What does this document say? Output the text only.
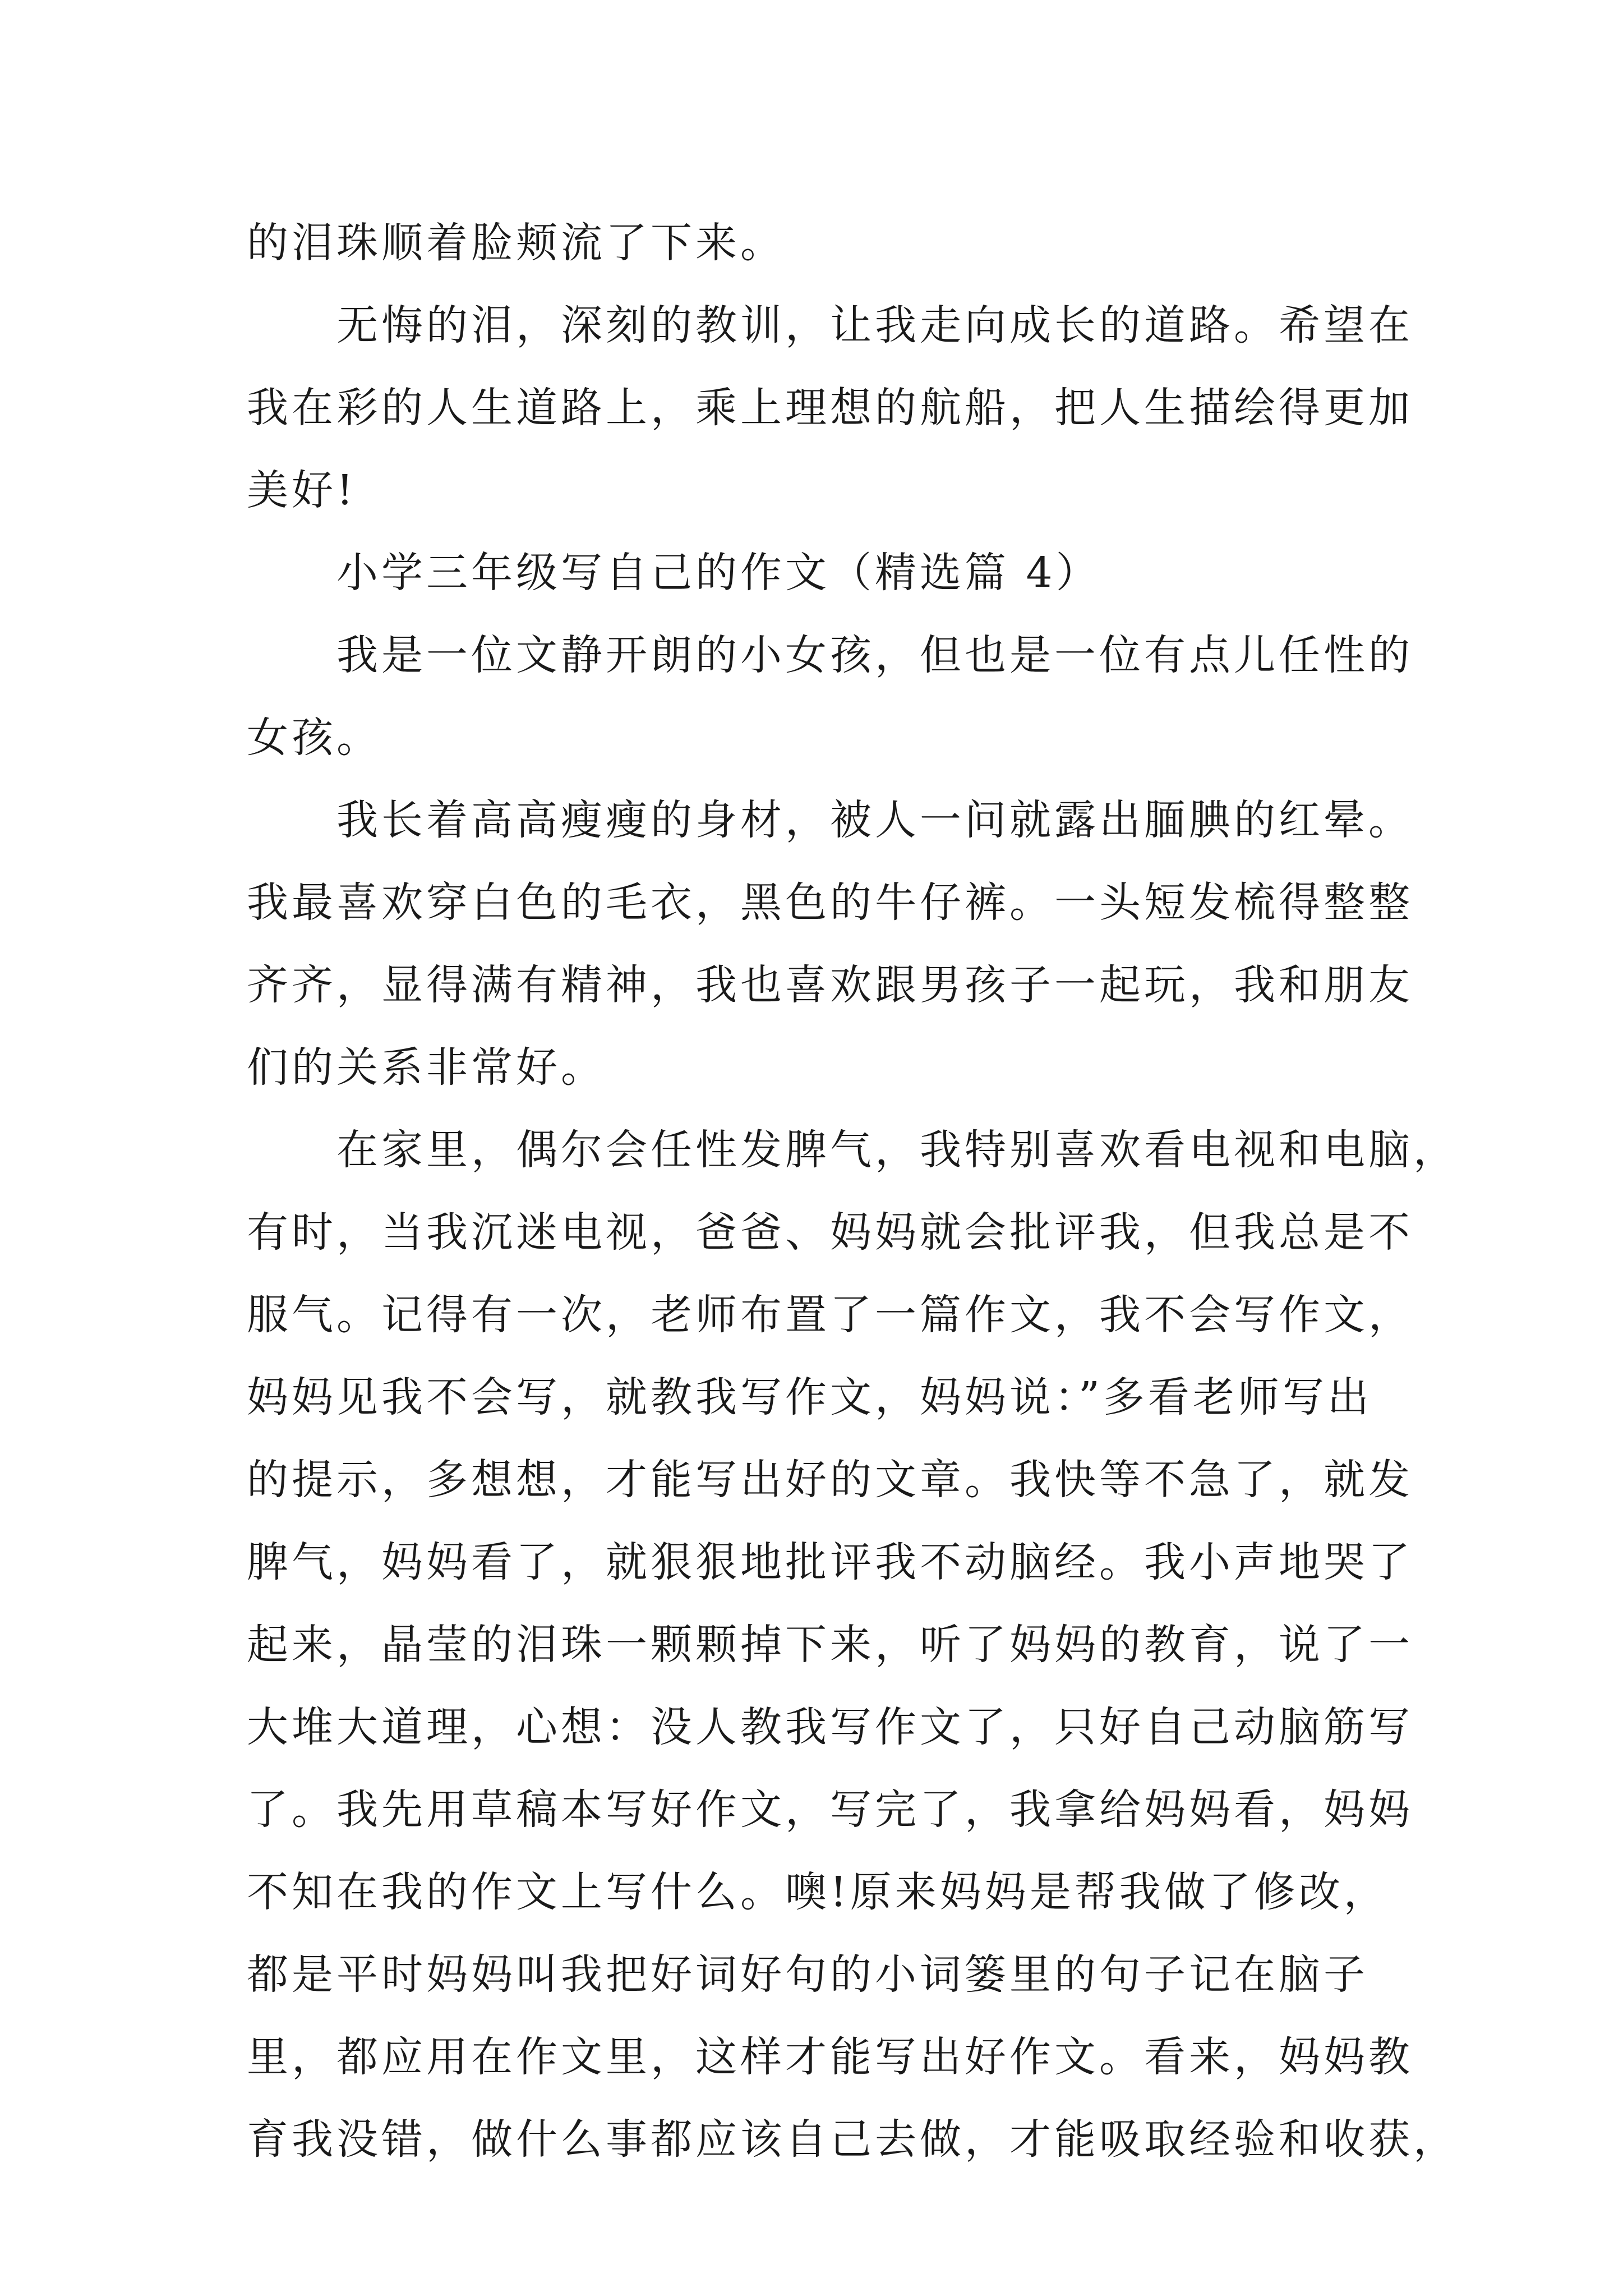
的泪珠顺着脸颊流了下来。
无悔的泪，深刻的教训，让我走向成长的道路。希望在
我在彩的人生道路上，乘上理想的航船，把人生描绘得更加
美好!
小学三年级写自己的作文（精选篇 4）
我是一位文静开朗的小女孩，但也是一位有点儿任性的
女孩。
我长着高高瘦瘦的身材，被人一问就露出腼腆的红晕。
我最喜欢穿白色的毛衣，黑色的牛仔裤。一头短发梳得整整
齐齐，显得满有精神，我也喜欢跟男孩子一起玩，我和朋友
们的关系非常好。
在家里，偶尔会任性发脾气，我特别喜欢看电视和电脑，
有时，当我沉迷电视，爸爸、妈妈就会批评我，但我总是不
服气。记得有一次，老师布置了一篇作文，我不会写作文，
妈妈见我不会写，就教我写作文，妈妈说：”多看老师写出
的提示，多想想，才能写出好的文章。我快等不急了，就发
脾气，妈妈看了，就狠狠地批评我不动脑经。我小声地哭了
起来，晶莹的泪珠一颗颗掉下来，听了妈妈的教育，说了一
大堆大道理，心想：没人教我写作文了，只好自己动脑筋写
了。我先用草稿本写好作文，写完了，我拿给妈妈看，妈妈
不知在我的作文上写什么。噢!原来妈妈是帮我做了修改，
都是平时妈妈叫我把好词好句的小词篓里的句子记在脑子
里，都应用在作文里，这样才能写出好作文。看来，妈妈教
育我没错，做什么事都应该自己去做，才能吸取经验和收获，
